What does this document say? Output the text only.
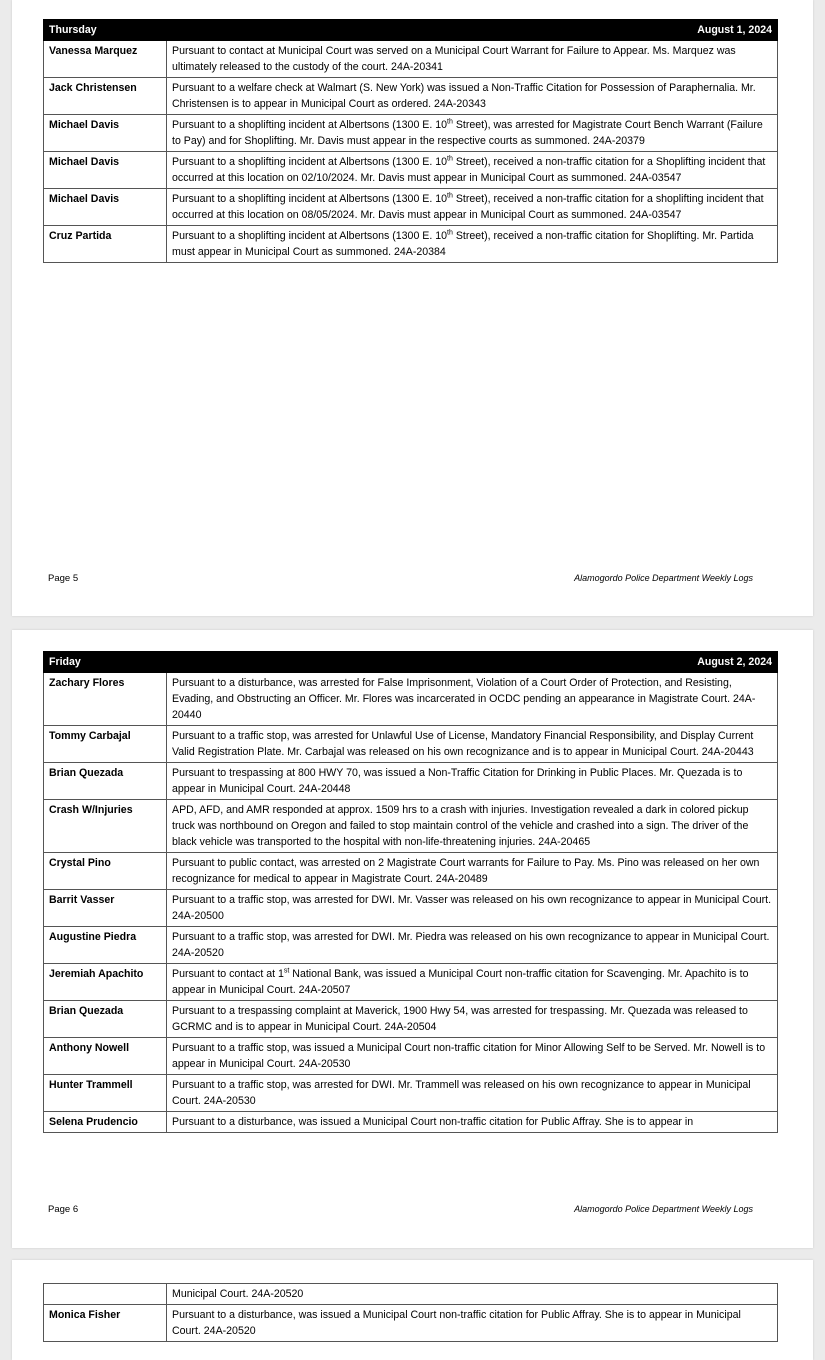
Thursday	August 1, 2024
Vanessa Marquez	Pursuant to contact at Municipal Court was served on a Municipal Court Warrant for Failure to Appear. Ms. Marquez was ultimately released to the custody of the court. 24A-20341
Jack Christensen	Pursuant to a welfare check at Walmart (S. New York) was issued a Non-Traffic Citation for Possession of Paraphernalia. Mr. Christensen is to appear in Municipal Court as ordered. 24A-20343
Michael Davis	Pursuant to a shoplifting incident at Albertsons (1300 E. 10th Street), was arrested for Magistrate Court Bench Warrant (Failure to Pay) and for Shoplifting. Mr. Davis must appear in the respective courts as summoned. 24A-20379
Michael Davis	Pursuant to a shoplifting incident at Albertsons (1300 E. 10th Street), received a non-traffic citation for a Shoplifting incident that occurred at this location on 02/10/2024. Mr. Davis must appear in Municipal Court as summoned. 24A-03547
Michael Davis	Pursuant to a shoplifting incident at Albertsons (1300 E. 10th Street), received a non-traffic citation for a shoplifting incident that occurred at this location on 08/05/2024. Mr. Davis must appear in Municipal Court as summoned. 24A-03547
Cruz Partida	Pursuant to a shoplifting incident at Albertsons (1300 E. 10th Street), received a non-traffic citation for Shoplifting. Mr. Partida must appear in Municipal Court as summoned. 24A-20384
Page 5	Alamogordo Police Department Weekly Logs
Friday	August 2, 2024
Zachary Flores	Pursuant to a disturbance, was arrested for False Imprisonment, Violation of a Court Order of Protection, and Resisting, Evading, and Obstructing an Officer. Mr. Flores was incarcerated in OCDC pending an appearance in Magistrate Court. 24A-20440
Tommy Carbajal	Pursuant to a traffic stop, was arrested for Unlawful Use of License, Mandatory Financial Responsibility, and Display Current Valid Registration Plate. Mr. Carbajal was released on his own recognizance and is to appear in Municipal Court. 24A-20443
Brian Quezada	Pursuant to trespassing at 800 HWY 70, was issued a Non-Traffic Citation for Drinking in Public Places. Mr. Quezada is to appear in Municipal Court. 24A-20448
Crash W/Injuries	APD, AFD, and AMR responded at approx. 1509 hrs to a crash with injuries. Investigation revealed a dark in colored pickup truck was northbound on Oregon and failed to stop maintain control of the vehicle and crashed into a sign. The driver of the black vehicle was transported to the hospital with non-life-threatening injuries. 24A-20465
Crystal Pino	Pursuant to public contact, was arrested on 2 Magistrate Court warrants for Failure to Pay. Ms. Pino was released on her own recognizance for medical to appear in Magistrate Court. 24A-20489
Barrit Vasser	Pursuant to a traffic stop, was arrested for DWI. Mr. Vasser was released on his own recognizance to appear in Municipal Court. 24A-20500
Augustine Piedra	Pursuant to a traffic stop, was arrested for DWI. Mr. Piedra was released on his own recognizance to appear in Municipal Court. 24A-20520
Jeremiah Apachito	Pursuant to contact at 1st National Bank, was issued a Municipal Court non-traffic citation for Scavenging. Mr. Apachito is to appear in Municipal Court. 24A-20507
Brian Quezada	Pursuant to a trespassing complaint at Maverick, 1900 Hwy 54, was arrested for trespassing. Mr. Quezada was released to GCRMC and is to appear in Municipal Court. 24A-20504
Anthony Nowell	Pursuant to a traffic stop, was issued a Municipal Court non-traffic citation for Minor Allowing Self to be Served. Mr. Nowell is to appear in Municipal Court. 24A-20530
Hunter Trammell	Pursuant to a traffic stop, was arrested for DWI. Mr. Trammell was released on his own recognizance to appear in Municipal Court. 24A-20530
Selena Prudencio	Pursuant to a disturbance, was issued a Municipal Court non-traffic citation for Public Affray. She is to appear in
Page 6	Alamogordo Police Department Weekly Logs
	Municipal Court. 24A-20520
Monica Fisher	Pursuant to a disturbance, was issued a Municipal Court non-traffic citation for Public Affray. She is to appear in Municipal Court. 24A-20520
